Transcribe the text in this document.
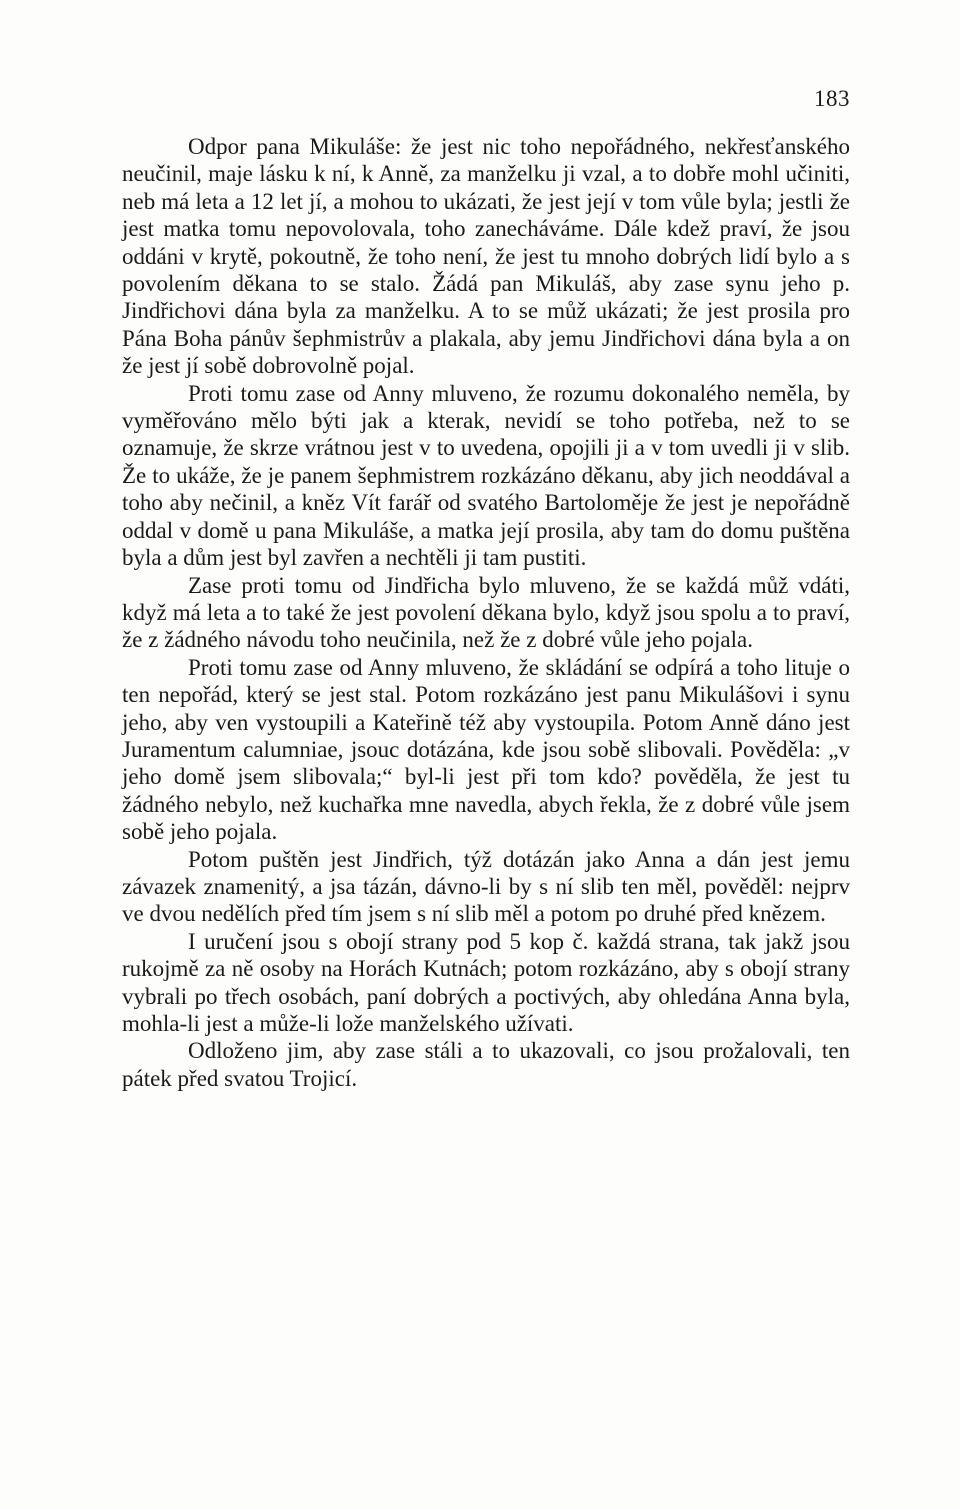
183

Odpor pana Mikuláše: že jest nic toho nepořádného, nekřesťanského neučinil, maje lásku k ní, k Anně, za manželku ji vzal, a to dobře mohl učiniti, neb má leta a 12 let jí, a mohou to ukázati, že jest její v tom vůle byla; jestli že jest matka tomu nepovolovala, toho zanecháváme. Dále kdež praví, že jsou oddáni v krytě, pokoutně, že toho není, že jest tu mnoho dobrých lidí bylo a s povolením děkana to se stalo. Žádá pan Mikuláš, aby zase synu jeho p. Jindřichovi dána byla za manželku. A to se můž ukázati; že jest prosila pro Pána Boha pánův šephmistrův a plakala, aby jemu Jindřichovi dána byla a on že jest jí sobě dobrovolně pojal.

Proti tomu zase od Anny mluveno, že rozumu dokonalého neměla, by vyměřováno mělo býti jak a kterak, nevidí se toho potřeba, než to se oznamuje, že skrze vrátnou jest v to uvedena, opojili ji a v tom uvedli ji v slib. Že to ukáže, že je panem šephmistrem rozkázáno děkanu, aby jich neoddával a toho aby nečinil, a kněz Vít farář od svatého Bartoloměje že jest je nepořádně oddal v domě u pana Mikuláše, a matka její prosila, aby tam do domu puštěna byla a dům jest byl zavřen a nechtěli ji tam pustiti.

Zase proti tomu od Jindřicha bylo mluveno, že se každá můž vdáti, když má leta a to také že jest povolení děkana bylo, když jsou spolu a to praví, že z žádného návodu toho neučinila, než že z dobré vůle jeho pojala.

Proti tomu zase od Anny mluveno, že skládání se odpírá a toho lituje o ten nepořád, který se jest stal. Potom rozkázáno jest panu Mikulášovi i synu jeho, aby ven vystoupili a Kateřině též aby vystoupila. Potom Anně dáno jest Juramentum calumniae, jsouc dotázána, kde jsou sobě slibovali. Pověděla: „v jeho domě jsem slibovala;“ byl-li jest při tom kdo? pověděla, že jest tu žádného nebylo, než kuchařka mne navedla, abych řekla, že z dobré vůle jsem sobě jeho pojala.

Potom puštěn jest Jindřich, týž dotázán jako Anna a dán jest jemu závazek znamenitý, a jsa tázán, dávno-li by s ní slib ten měl, pověděl: nejprv ve dvou nedělích před tím jsem s ní slib měl a potom po druhé před knězem.

I uručení jsou s obojí strany pod 5 kop č. každá strana, tak jakž jsou rukojmě za ně osoby na Horách Kutnách; potom rozkázáno, aby s obojí strany vybrali po třech osobách, paní dobrých a poctivých, aby ohledána Anna byla, mohla-li jest a může-li lože manželského užívati.

Odloženo jim, aby zase stáli a to ukazovali, co jsou prožalovali, ten pátek před svatou Trojicí.
